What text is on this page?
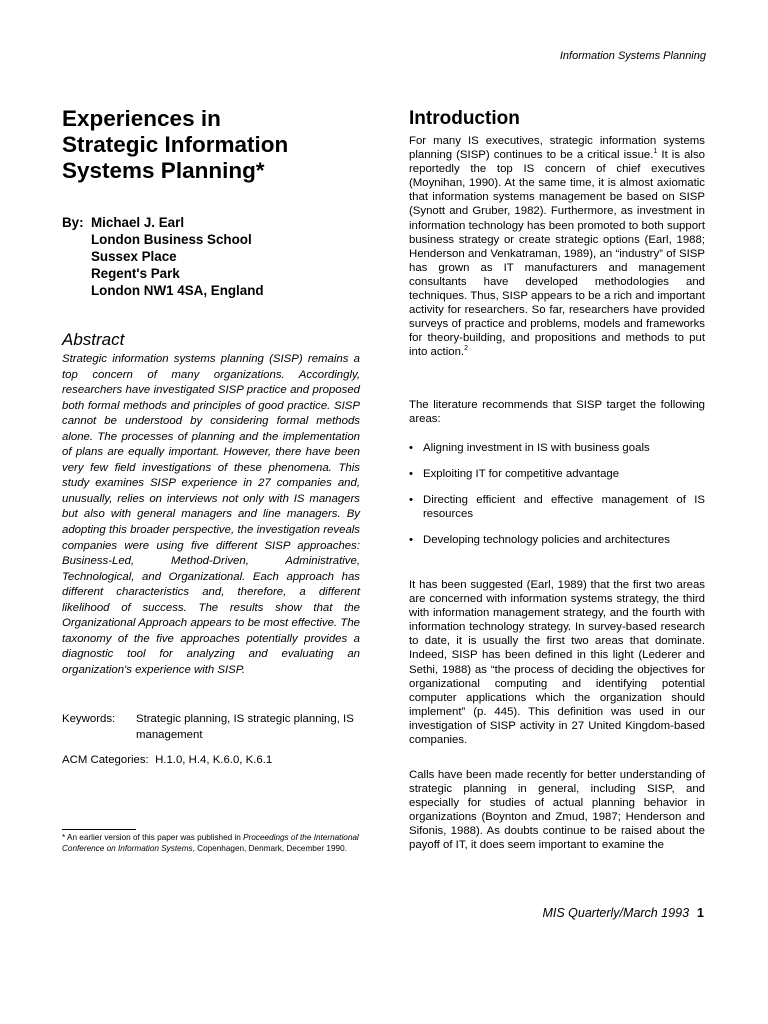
Information Systems Planning
Experiences in
Strategic Information
Systems Planning*
By: Michael J. Earl
London Business School
Sussex Place
Regent's Park
London NW1 4SA, England
Abstract

Strategic information systems planning (SISP) remains a top concern of many organizations. Accordingly, researchers have investigated SISP practice and proposed both formal methods and principles of good practice. SISP cannot be understood by considering formal methods alone. The processes of planning and the implementation of plans are equally important. However, there have been very few field investigations of these phenomena. This study examines SISP experience in 27 companies and, unusually, relies on interviews not only with IS managers but also with general managers and line managers. By adopting this broader perspective, the investigation reveals companies were using five different SISP approaches: Business-Led, Method-Driven, Administrative, Technological, and Organizational. Each approach has different characteristics and, therefore, a different likelihood of success. The results show that the Organizational Approach appears to be most effective. The taxonomy of the five approaches potentially provides a diagnostic tool for analyzing and evaluating an organization's experience with SISP.

Keywords:	Strategic planning, IS strategic planning, IS management
ACM Categories: H.1.0, H.4, K.6.0, K.6.1

* An earlier version of this paper was published in Proceedings of the International Conference on Information Systems, Copenhagen, Denmark, December 1990.

Introduction

For many IS executives, strategic information systems planning (SISP) continues to be a critical issue.$^1$ It is also reportedly the top IS concern of chief executives (Moynihan, 1990). At the same time, it is almost axiomatic that information systems management be based on SISP (Synott and Gruber, 1982). Furthermore, as investment in information technology has been promoted to both support business strategy or create strategic options (Earl, 1988; Henderson and Venkatraman, 1989), an “industry” of SISP has grown as IT manufacturers and management consultants have developed methodologies and techniques. Thus, SISP appears to be a rich and important activity for researchers. So far, researchers have provided surveys of practice and problems, models and frameworks for theory-building, and propositions and methods to put into action.$^2$

The literature recommends that SISP target the following areas:

• Aligning investment in IS with business goals
• Exploiting IT for competitive advantage
• Directing efficient and effective management of IS resources
• Developing technology policies and architectures

It has been suggested (Earl, 1989) that the first two areas are concerned with information systems strategy, the third with information management strategy, and the fourth with information technology strategy. In survey-based research to date, it is usually the first two areas that dominate. Indeed, SISP has been defined in this light (Lederer and Sethi, 1988) as “the process of deciding the objectives for organizational computing and identifying potential computer applications which the organization should implement” (p. 445). This definition was used in our investigation of SISP activity in 27 United Kingdom-based companies.

Calls have been made recently for better understanding of strategic planning in general, including SISP, and especially for studies of actual planning behavior in organizations (Boynton and Zmud, 1987; Henderson and Sifonis, 1988). As doubts continue to be raised about the payoff of IT, it does seem important to examine the

MIS Quarterly/March 1993 1
